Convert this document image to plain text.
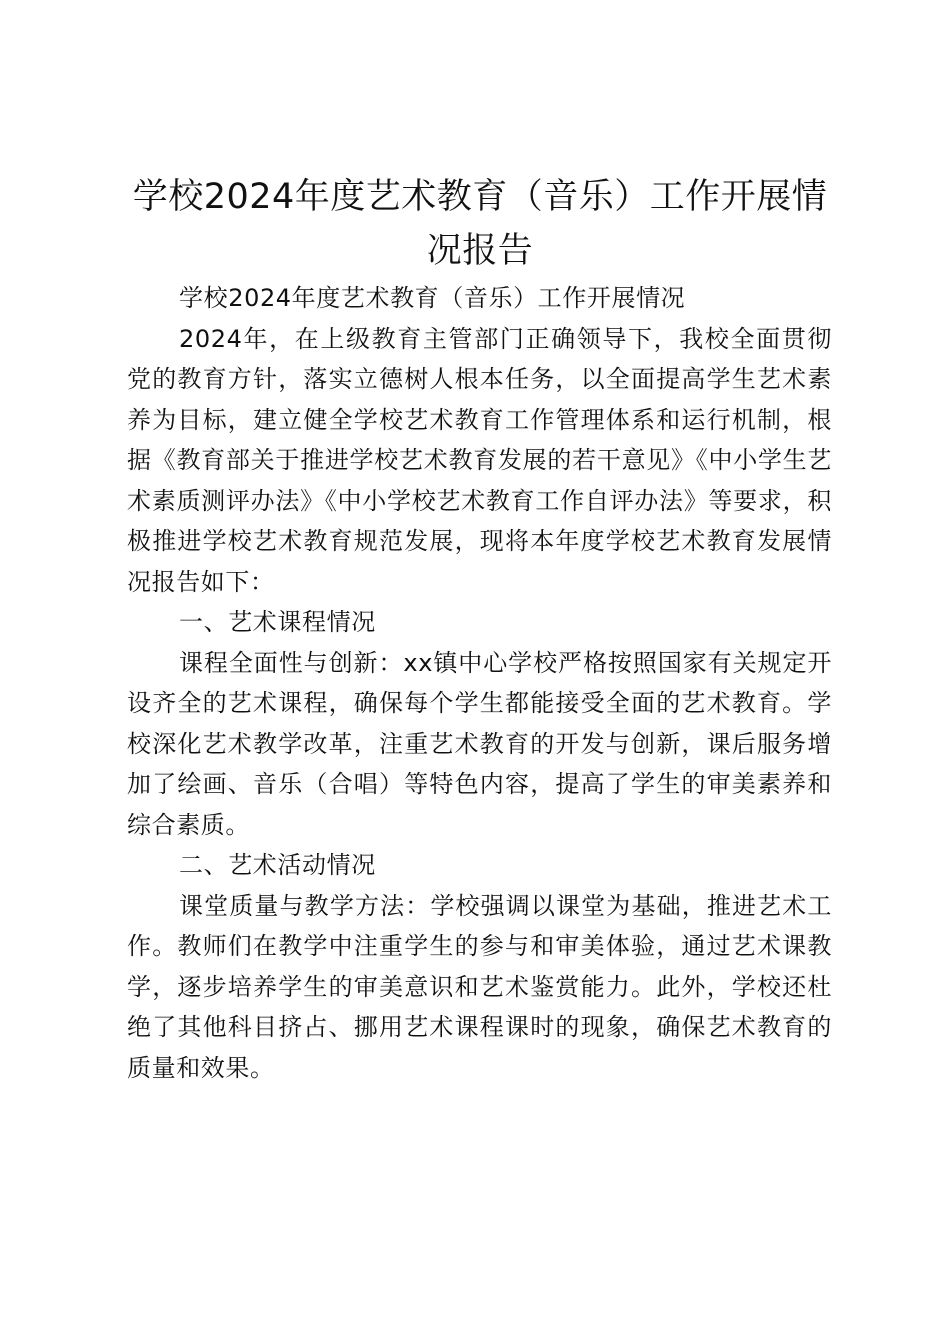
学校2024年度艺术教育（音乐）工作开展情况报告

学校2024年度艺术教育（音乐）工作开展情况

2024年，在上级教育主管部门正确领导下，我校全面贯彻党的教育方针，落实立德树人根本任务，以全面提高学生艺术素养为目标，建立健全学校艺术教育工作管理体系和运行机制，根据《教育部关于推进学校艺术教育发展的若干意见》《中小学生艺术素质测评办法》《中小学校艺术教育工作自评办法》等要求，积极推进学校艺术教育规范发展，现将本年度学校艺术教育发展情况报告如下：

一、艺术课程情况

课程全面性与创新：xx镇中心学校严格按照国家有关规定开设齐全的艺术课程，确保每个学生都能接受全面的艺术教育。学校深化艺术教学改革，注重艺术教育的开发与创新，课后服务增加了绘画、音乐（合唱）等特色内容，提高了学生的审美素养和综合素质。

二、艺术活动情况

课堂质量与教学方法：学校强调以课堂为基础，推进艺术工作。教师们在教学中注重学生的参与和审美体验，通过艺术课教学，逐步培养学生的审美意识和艺术鉴赏能力。此外，学校还杜绝了其他科目挤占、挪用艺术课程课时的现象，确保艺术教育的质量和效果。
